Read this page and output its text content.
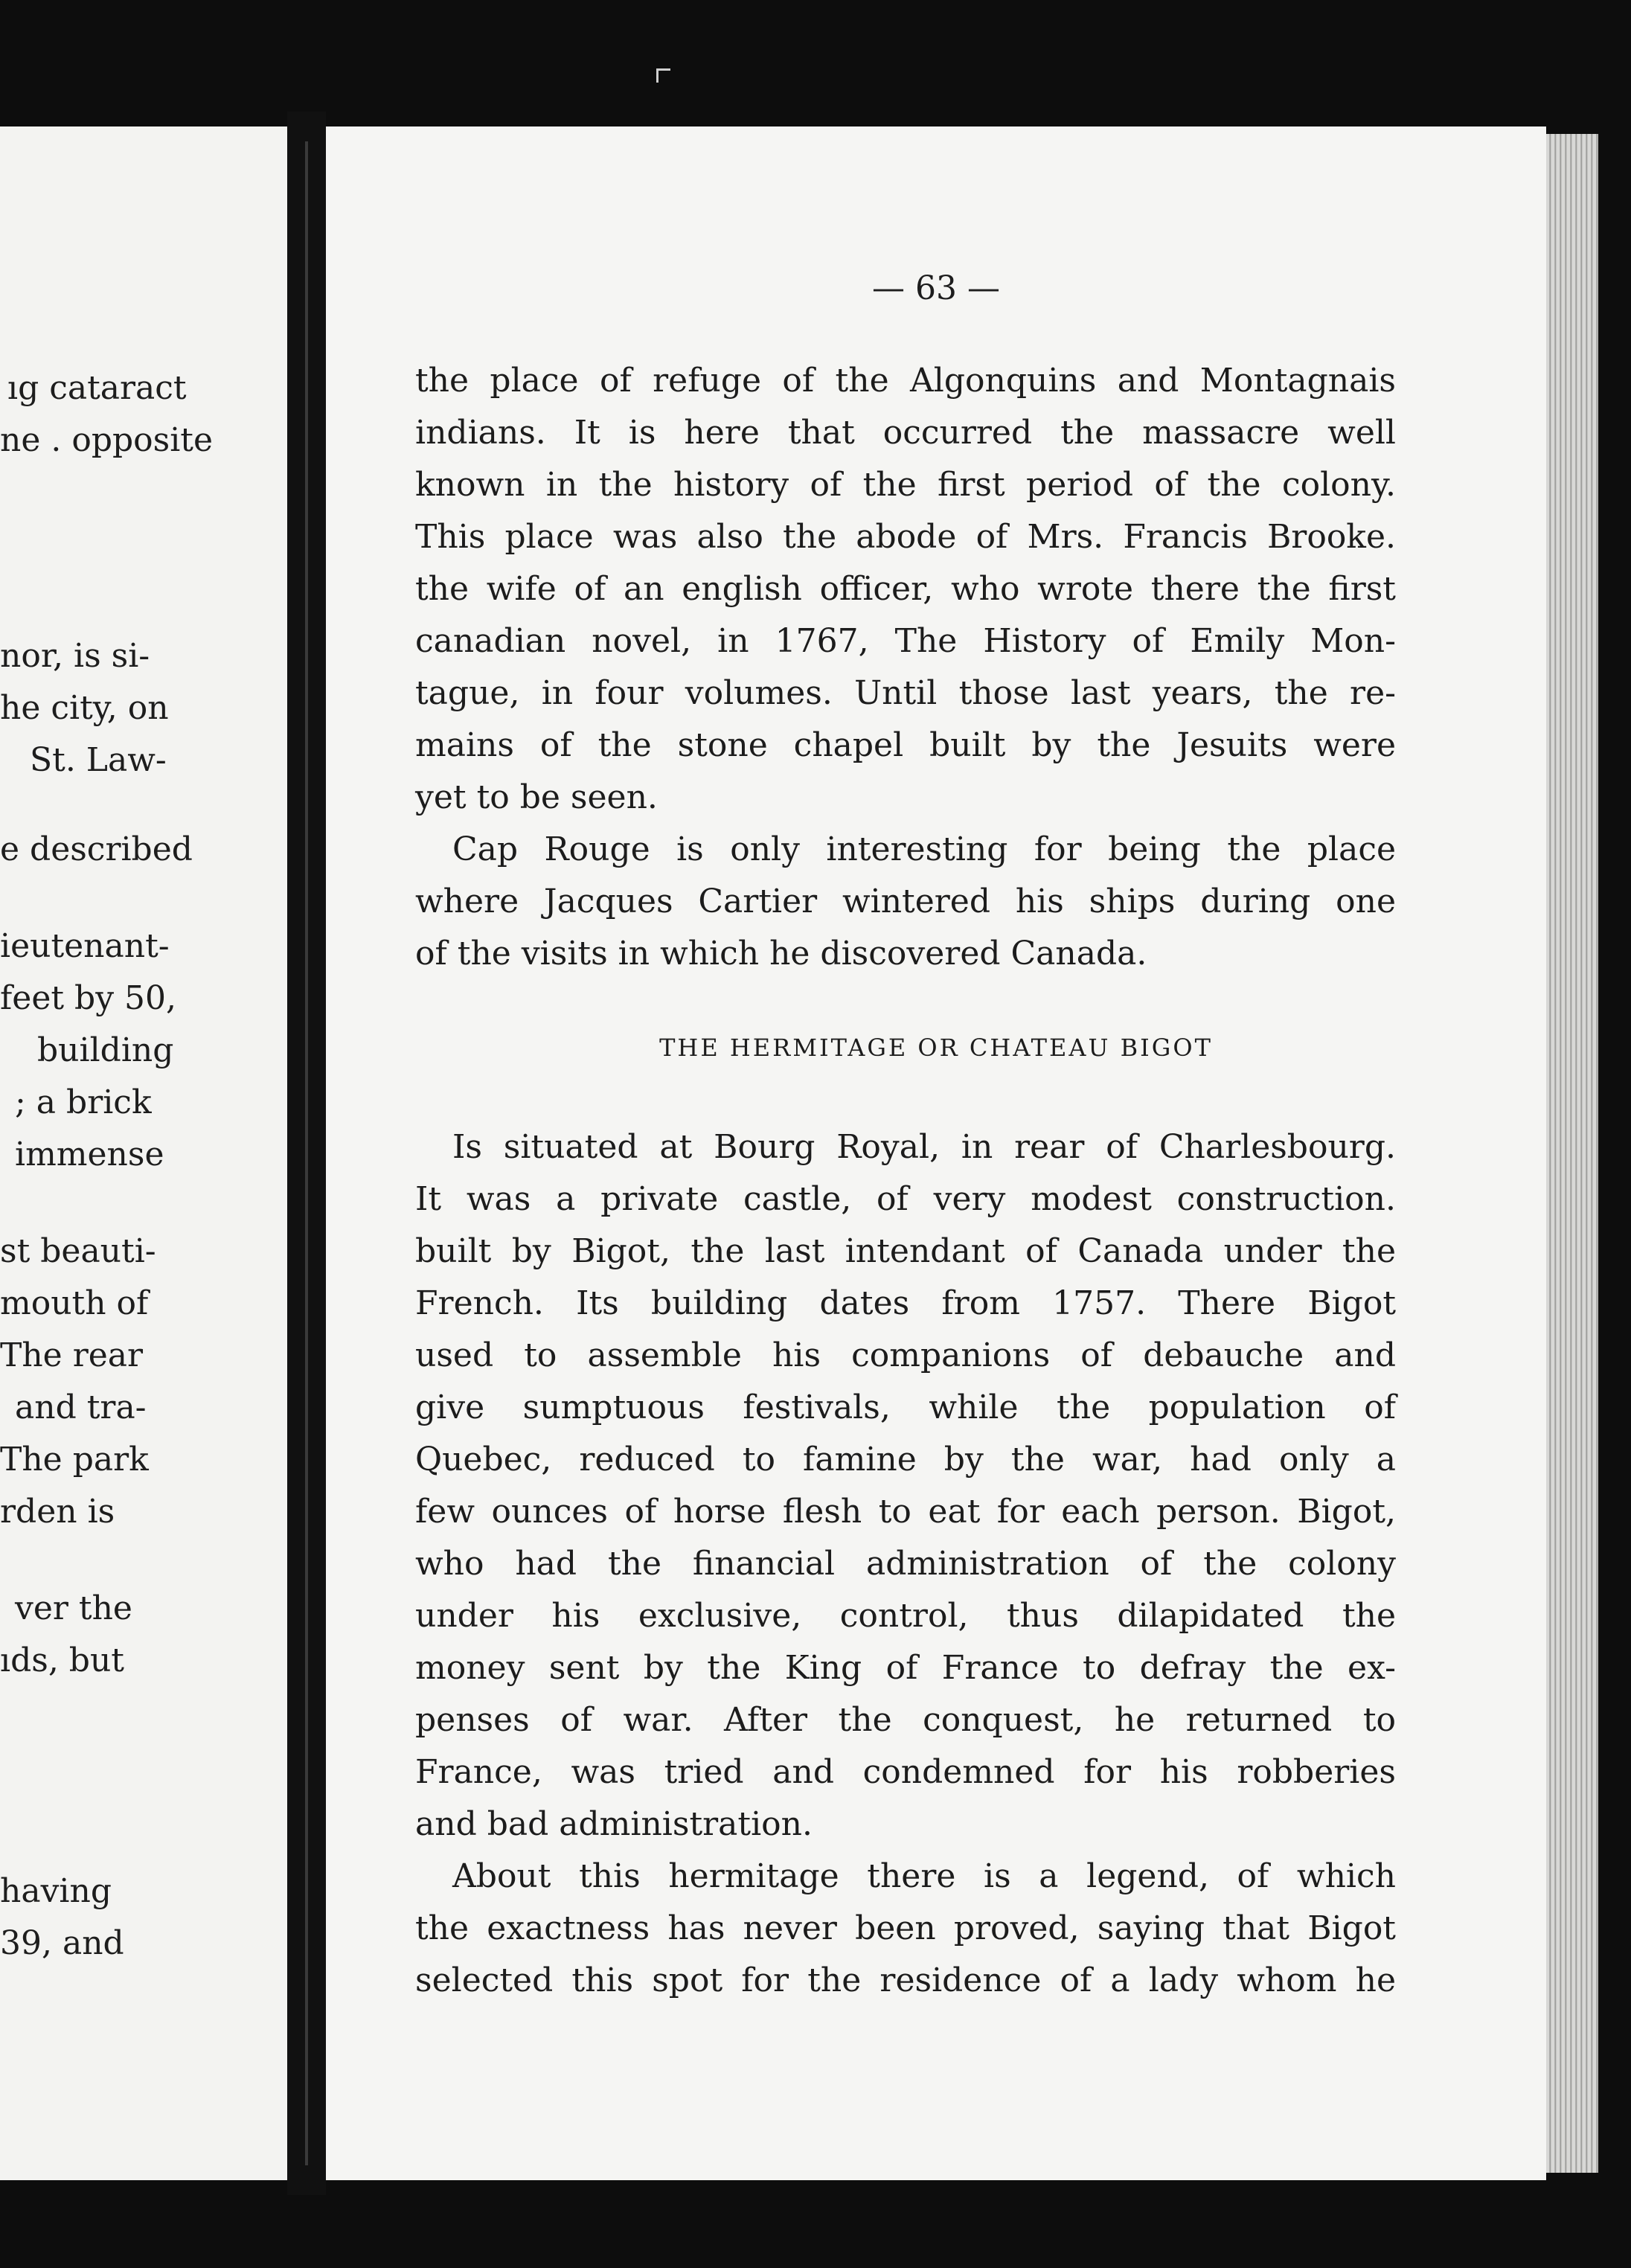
ıg cataract
ne . opposite
nor, is si-
he city, on
St. Law-
e described
ieutenant-
feet by 50,
building
; a brick
immense
st beauti-
mouth of
The rear
and tra-
The park
rden is
ver the
ıds, but
having
39, and
— 63 —
the place of refuge of the Algonquins and Montagnais
indians. It is here that occurred the massacre well
known in the history of the first period of the colony.
This place was also the abode of Mrs. Francis Brooke.
the wife of an english officer, who wrote there the first
canadian novel, in 1767, The History of Emily Mon-
tague, in four volumes. Until those last years, the re-
mains of the stone chapel built by the Jesuits were
yet to be seen.
Cap Rouge is only interesting for being the place
where Jacques Cartier wintered his ships during one
of the visits in which he discovered Canada.
THE HERMITAGE OR CHATEAU BIGOT
Is situated at Bourg Royal, in rear of Charlesbourg.
It was a private castle, of very modest construction.
built by Bigot, the last intendant of Canada under the
French. Its building dates from 1757. There Bigot
used to assemble his companions of debauche and
give sumptuous festivals, while the population of
Quebec, reduced to famine by the war, had only a
few ounces of horse flesh to eat for each person. Bigot,
who had the financial administration of the colony
under his exclusive, control, thus dilapidated the
money sent by the King of France to defray the ex-
penses of war. After the conquest, he returned to
France, was tried and condemned for his robberies
and bad administration.
About this hermitage there is a legend, of which
the exactness has never been proved, saying that Bigot
selected this spot for the residence of a lady whom he
